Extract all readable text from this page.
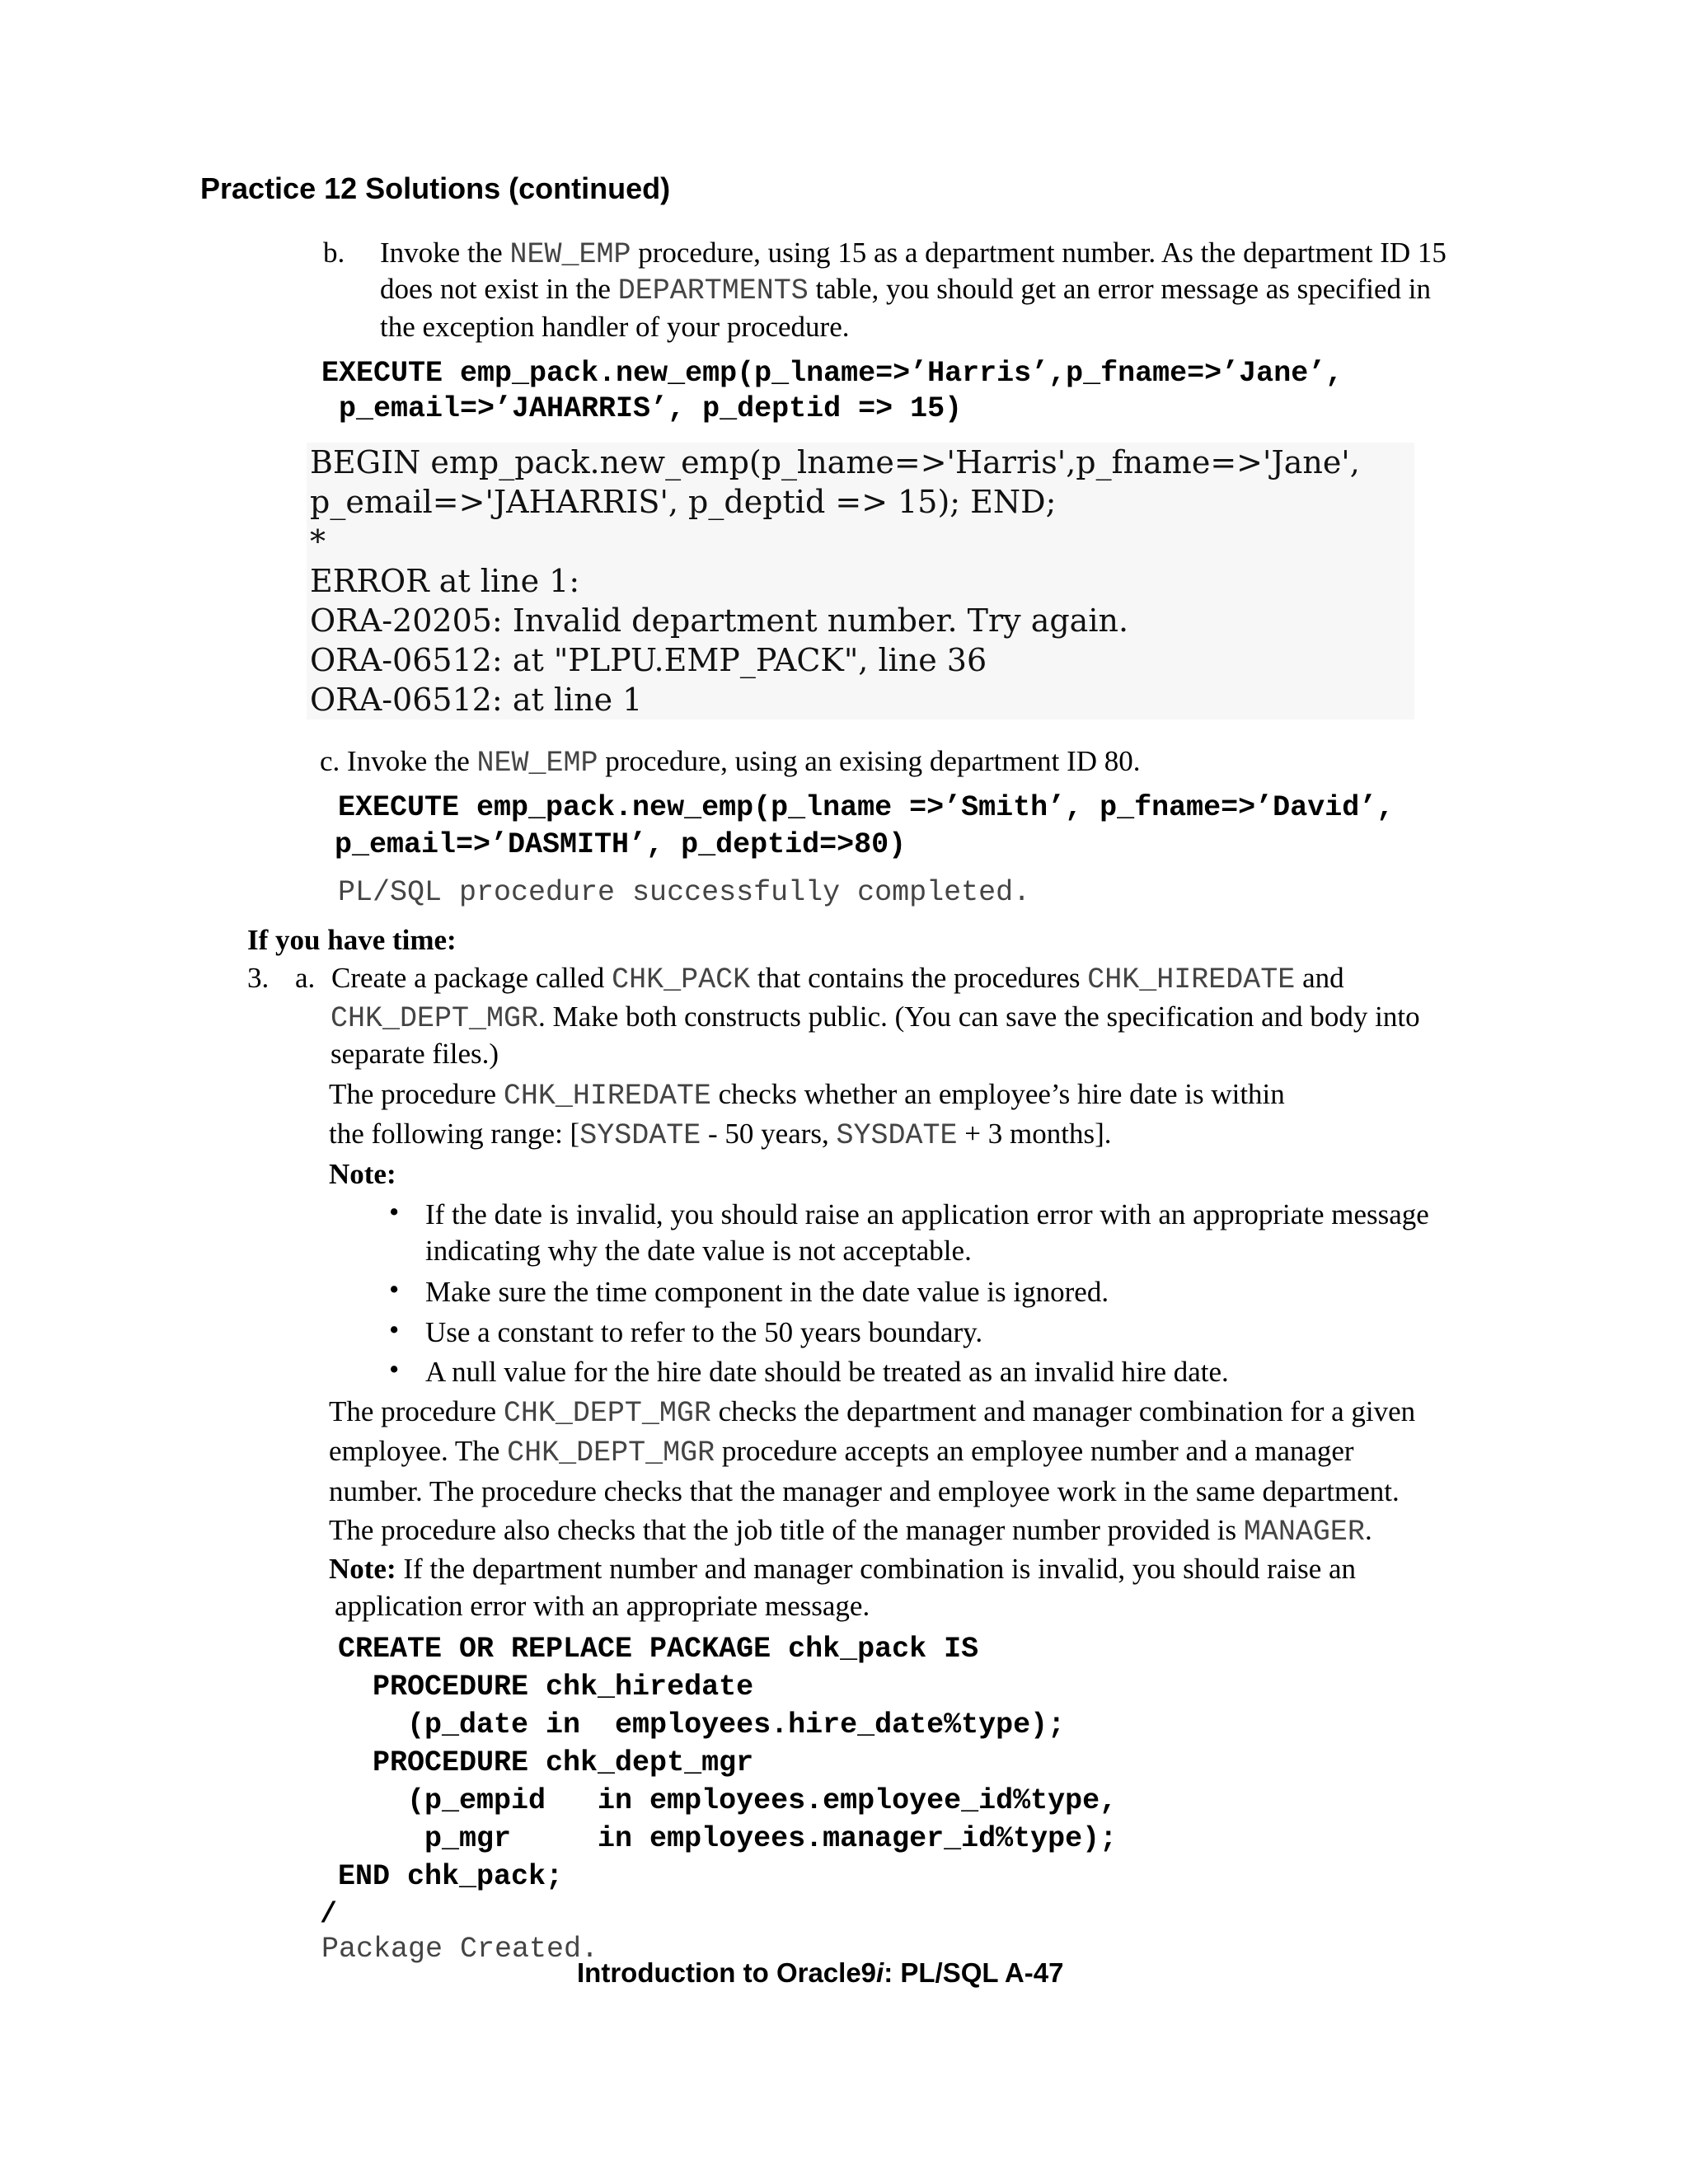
Practice 12 Solutions (continued)
b. Invoke the NEW_EMP procedure, using 15 as a department number. As the department ID 15
does not exist in the DEPARTMENTS table, you should get an error message as specified in
the exception handler of your procedure.
EXECUTE emp_pack.new_emp(p_lname=>’Harris’,p_fname=>’Jane’,
p_email=>’JAHARRIS’, p_deptid => 15)
BEGIN emp_pack.new_emp(p_lname=>'Harris',p_fname=>'Jane',
p_email=>'JAHARRIS', p_deptid => 15); END;
*
ERROR at line 1:
ORA-20205: Invalid department number. Try again.
ORA-06512: at "PLPU.EMP_PACK", line 36
ORA-06512: at line 1
c. Invoke the NEW_EMP procedure, using an exising department ID 80.
EXECUTE emp_pack.new_emp(p_lname =>’Smith’, p_fname=>’David’,
p_email=>’DASMITH’, p_deptid=>80)
PL/SQL procedure successfully completed.
If you have time:
3. a. Create a package called CHK_PACK that contains the procedures CHK_HIREDATE and
CHK_DEPT_MGR. Make both constructs public. (You can save the specification and body into
separate files.)
The procedure CHK_HIREDATE checks whether an employee’s hire date is within
the following range: [SYSDATE - 50 years, SYSDATE + 3 months].
Note:
• If the date is invalid, you should raise an application error with an appropriate message
indicating why the date value is not acceptable.
• Make sure the time component in the date value is ignored.
• Use a constant to refer to the 50 years boundary.
• A null value for the hire date should be treated as an invalid hire date.
The procedure CHK_DEPT_MGR checks the department and manager combination for a given
employee. The CHK_DEPT_MGR procedure accepts an employee number and a manager
number. The procedure checks that the manager and employee work in the same department.
The procedure also checks that the job title of the manager number provided is MANAGER.
Note: If the department number and manager combination is invalid, you should raise an
application error with an appropriate message.
CREATE OR REPLACE PACKAGE chk_pack IS
PROCEDURE chk_hiredate
(p_date in  employees.hire_date%type);
PROCEDURE chk_dept_mgr
(p_empid   in employees.employee_id%type,
p_mgr     in employees.manager_id%type);
END chk_pack;
/
Package Created.
Introduction to Oracle9i: PL/SQL A-47
